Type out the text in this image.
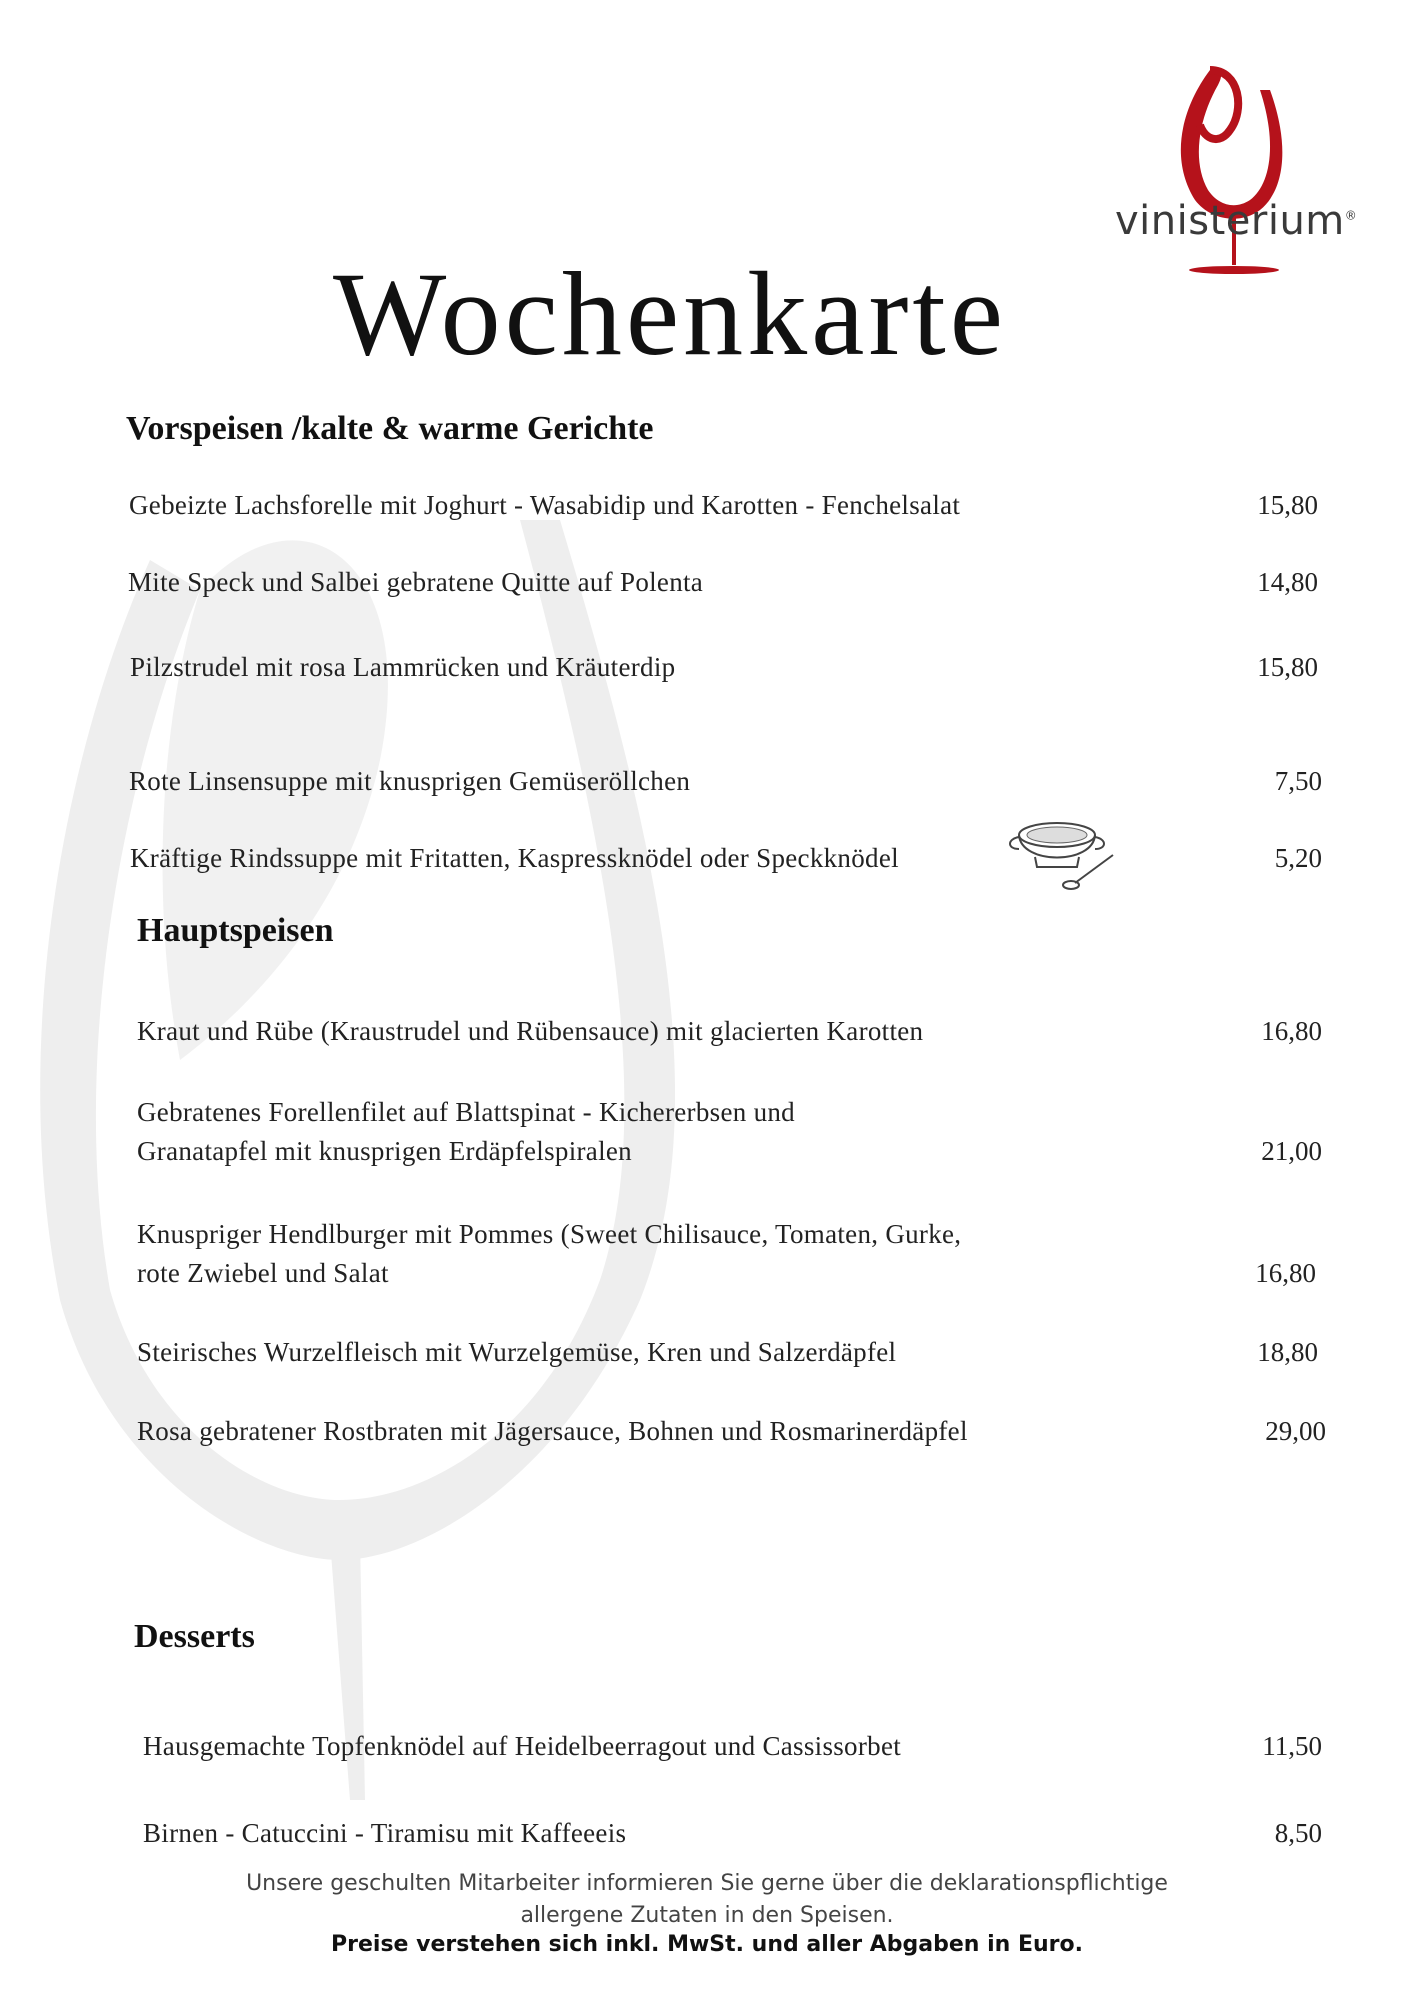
vinisterium®
Wochenkarte
Vorspeisen /kalte & warme Gerichte
Gebeizte Lachsforelle mit Joghurt - Wasabidip und Karotten - Fenchelsalat	15,80
Mite Speck und Salbei gebratene Quitte auf Polenta	14,80
Pilzstrudel mit rosa Lammrücken und Kräuterdip	15,80
Rote Linsensuppe mit knusprigen Gemüseröllchen	7,50
Kräftige Rindssuppe mit Fritatten, Kaspressknödel oder Speckknödel	5,20
Hauptspeisen
Kraut und Rübe (Kraustrudel und Rübensauce) mit glacierten Karotten	16,80
Gebratenes Forellenfilet auf Blattspinat - Kichererbsen und
Granatapfel mit knusprigen Erdäpfelspiralen	21,00
Knuspriger Hendlburger mit Pommes (Sweet Chilisauce, Tomaten, Gurke,
rote Zwiebel und Salat	16,80
Steirisches Wurzelfleisch mit Wurzelgemüse, Kren und Salzerdäpfel	18,80
Rosa gebratener Rostbraten mit Jägersauce, Bohnen und Rosmarinerdäpfel	29,00
Desserts
Hausgemachte Topfenknödel auf Heidelbeerragout und Cassissorbet	11,50
Birnen - Catuccini - Tiramisu mit Kaffeeeis	8,50
Unsere geschulten Mitarbeiter informieren Sie gerne über die deklarationspflichtige
allergene Zutaten in den Speisen.
Preise verstehen sich inkl. MwSt. und aller Abgaben in Euro.
